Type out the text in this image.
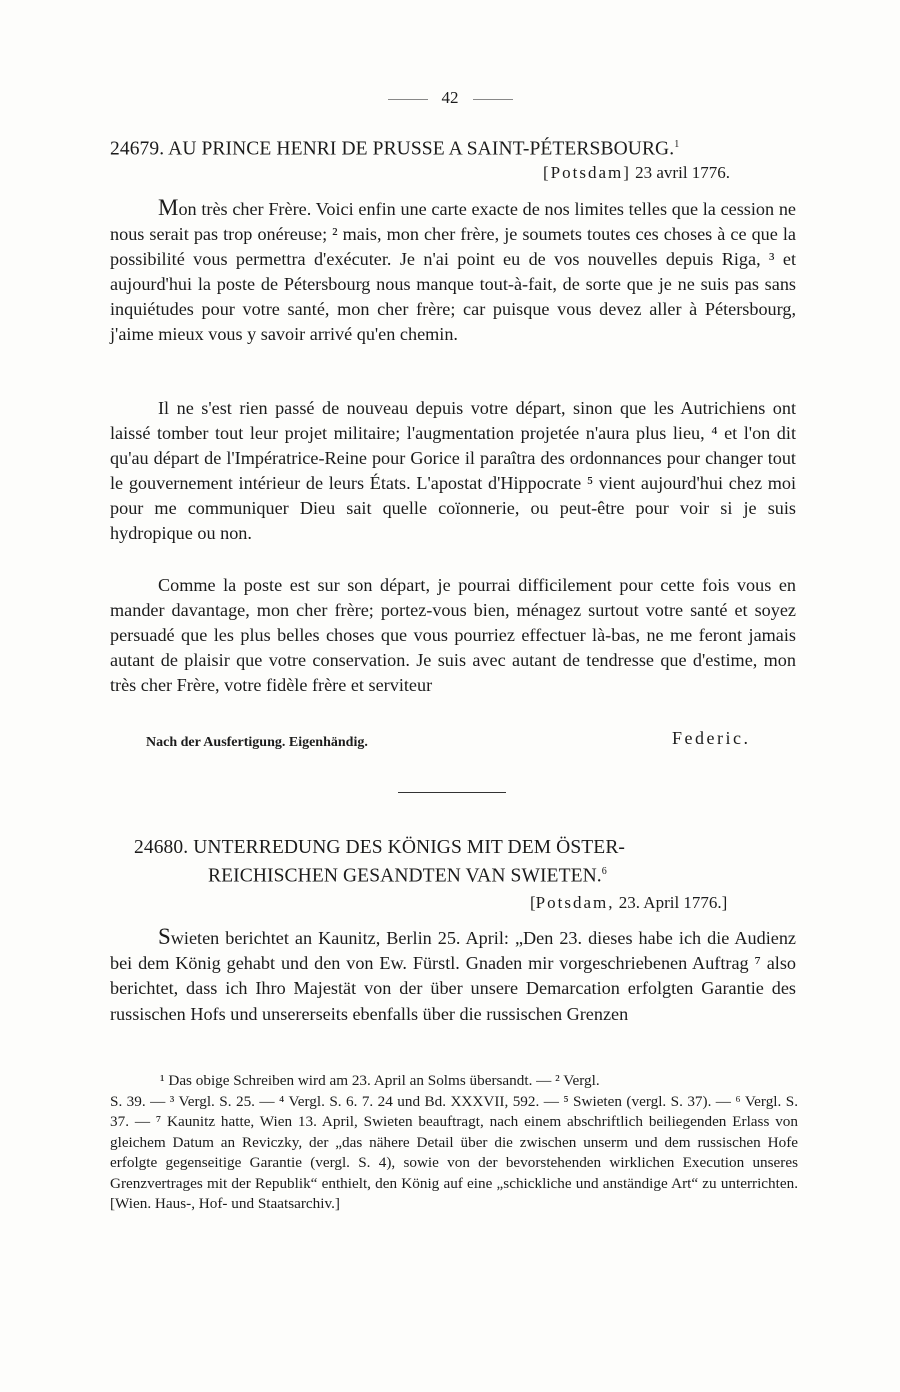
42
24679. AU PRINCE HENRI DE PRUSSE A SAINT-PÉTERSBOURG.$^1$
[Potsdam] 23 avril 1776.
Mon très cher Frère. Voici enfin une carte exacte de nos limites telles que la cession ne nous serait pas trop onéreuse; ² mais, mon cher frère, je soumets toutes ces choses à ce que la possibilité vous permettra d'exécuter. Je n'ai point eu de vos nouvelles depuis Riga, ³ et aujourd'hui la poste de Pétersbourg nous manque tout-à-fait, de sorte que je ne suis pas sans inquiétudes pour votre santé, mon cher frère; car puisque vous devez aller à Pétersbourg, j'aime mieux vous y savoir arrivé qu'en chemin.
Il ne s'est rien passé de nouveau depuis votre départ, sinon que les Autrichiens ont laissé tomber tout leur projet militaire; l'augmentation projetée n'aura plus lieu, ⁴ et l'on dit qu'au départ de l'Impératrice-Reine pour Gorice il paraîtra des ordonnances pour changer tout le gouvernement intérieur de leurs États. L'apostat d'Hippocrate ⁵ vient aujourd'hui chez moi pour me communiquer Dieu sait quelle coïonnerie, ou peut-être pour voir si je suis hydropique ou non.
Comme la poste est sur son départ, je pourrai difficilement pour cette fois vous en mander davantage, mon cher frère; portez-vous bien, ménagez surtout votre santé et soyez persuadé que les plus belles choses que vous pourriez effectuer là-bas, ne me feront jamais autant de plaisir que votre conservation. Je suis avec autant de tendresse que d'estime, mon très cher Frère, votre fidèle frère et serviteur
Nach der Ausfertigung. Eigenhändig.	Federic.
24680. UNTERREDUNG DES KÖNIGS MIT DEM ÖSTER-
REICHISCHEN GESANDTEN VAN SWIETEN.$^6$
[Potsdam, 23. April 1776.]
Swieten berichtet an Kaunitz, Berlin 25. April: „Den 23. dieses habe ich die Audienz bei dem König gehabt und den von Ew. Fürstl. Gnaden mir vorgeschriebenen Auftrag ⁷ also berichtet, dass ich Ihro Majestät von der über unsere Demarcation erfolgten Garantie des russischen Hofs und unsererseits ebenfalls über die russischen Grenzen
¹ Das obige Schreiben wird am 23. April an Solms übersandt. — ² Vergl.
S. 39. — ³ Vergl. S. 25. — ⁴ Vergl. S. 6. 7. 24 und Bd. XXXVII, 592. — ⁵ Swieten (vergl. S. 37). — ⁶ Vergl. S. 37. — ⁷ Kaunitz hatte, Wien 13. April, Swieten beauftragt, nach einem abschriftlich beiliegenden Erlass von gleichem Datum an Reviczky, der „das nähere Detail über die zwischen unserm und dem russischen Hofe erfolgte gegenseitige Garantie (vergl. S. 4), sowie von der bevorstehenden wirklichen Execution unseres Grenzvertrages mit der Republik“ enthielt, den König auf eine „schickliche und anständige Art“ zu unterrichten. [Wien. Haus-, Hof- und Staatsarchiv.]
